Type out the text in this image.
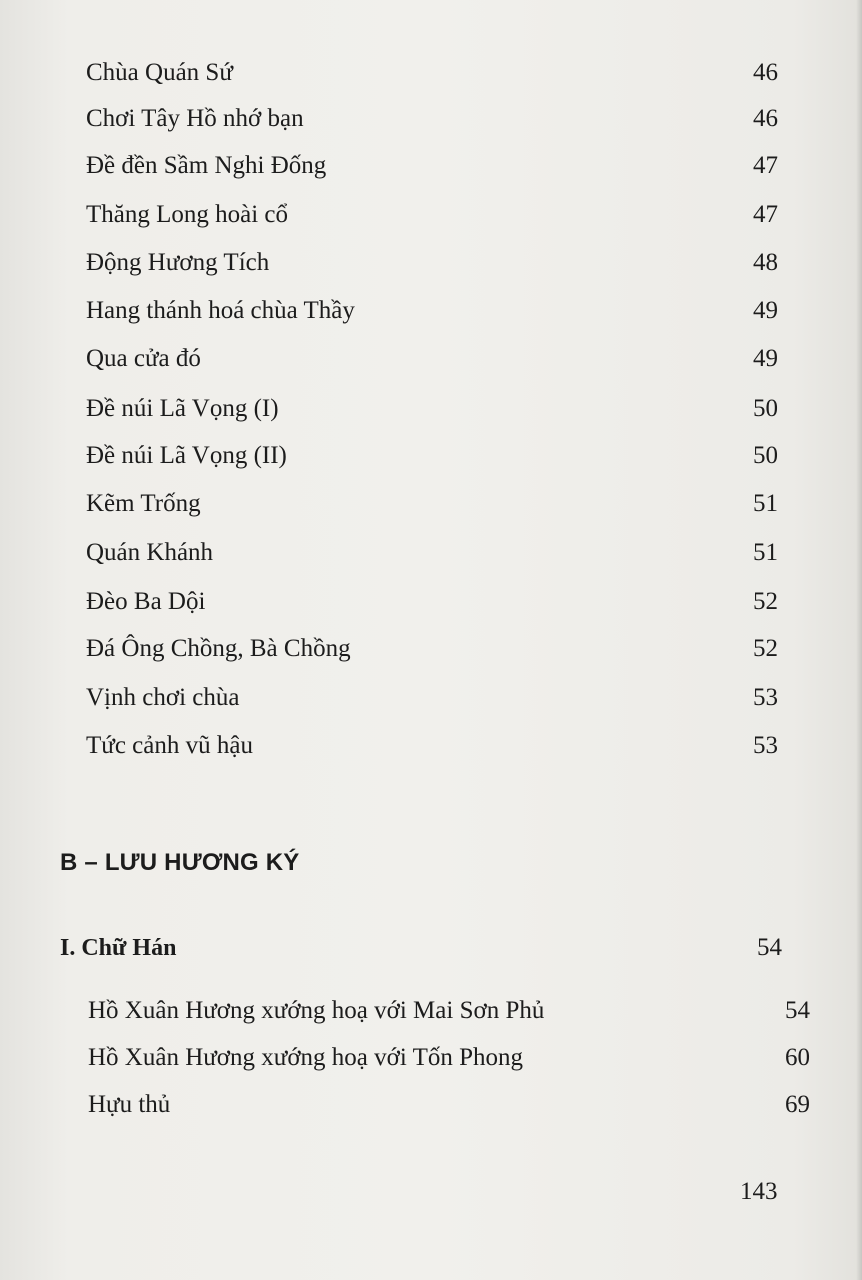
Chùa Quán Sứ	46
Chơi Tây Hồ nhớ bạn	46
Đề đền Sầm Nghi Đống	47
Thăng Long hoài cổ	47
Động Hương Tích	48
Hang thánh hoá chùa Thầy	49
Qua cửa đó	49
Đề núi Lã Vọng (I)	50
Đề núi Lã Vọng (II)	50
Kẽm Trống	51
Quán Khánh	51
Đèo Ba Dội	52
Đá Ông Chồng, Bà Chồng	52
Vịnh chơi chùa	53
Tức cảnh vũ hậu	53
B – LƯU HƯƠNG KÝ
I. Chữ Hán	54
Hồ Xuân Hương xướng hoạ với Mai Sơn Phủ	54
Hồ Xuân Hương xướng hoạ với Tốn Phong	60
Hựu thủ	69
143
